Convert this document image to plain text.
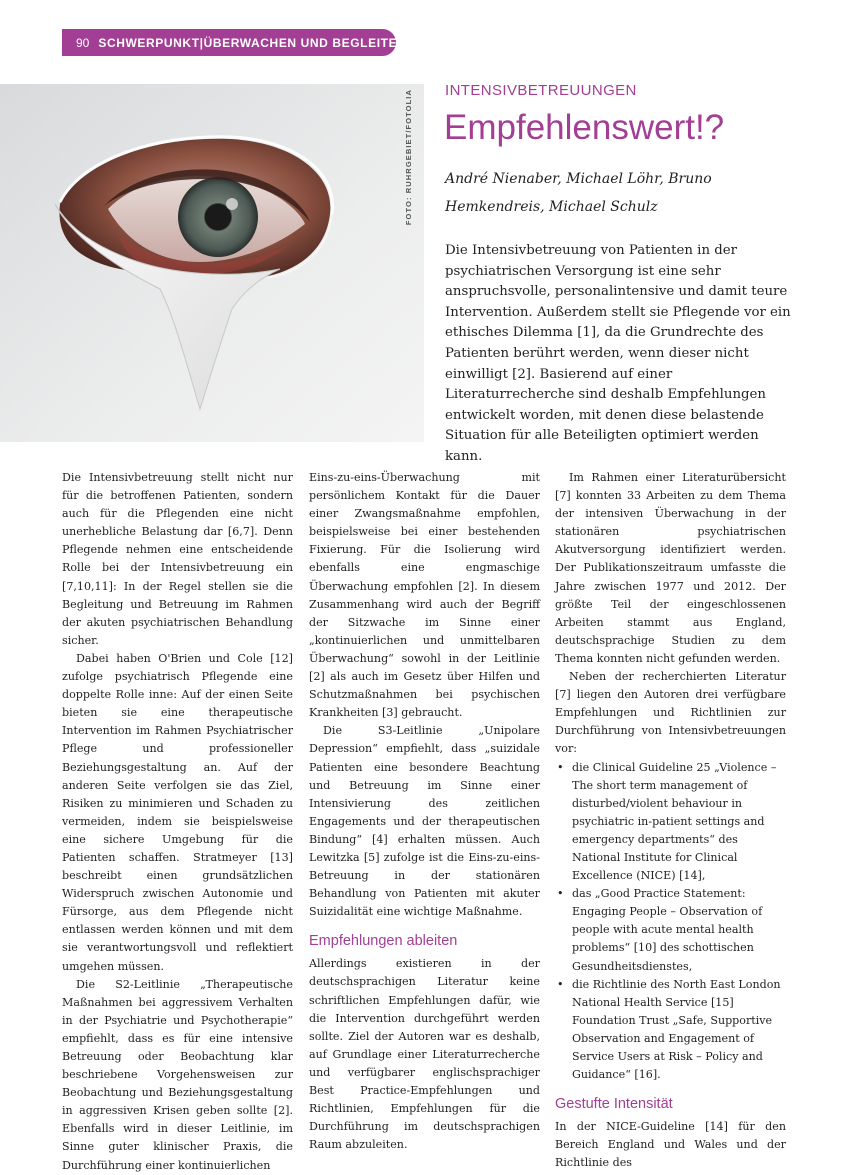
90 SCHWERPUNKT|ÜBERWACHEN UND BEGLEITEN
FOTO: RUHRGEBIET/FOTOLIA INTENSIVBETREUUNGEN
Empfehlenswert!?
André Nienaber, Michael Löhr, Bruno Hemkendreis, Michael Schulz
Die Intensivbetreuung von Patienten in der psychiatrischen Versorgung ist eine sehr anspruchsvolle, personalintensive und damit teure Intervention. Außerdem stellt sie Pflegende vor ein ethisches Dilemma [1], da die Grundrechte des Patienten berührt werden, wenn dieser nicht einwilligt [2]. Basierend auf einer Literaturrecherche sind deshalb Empfehlungen entwickelt worden, mit denen diese belastende Situation für alle Beteiligten optimiert werden kann.

Die Intensivbetreuung stellt nicht nur für die betroffenen Patienten, sondern auch für die Pflegenden eine nicht unerhebliche Belastung dar [6,7]. Denn Pflegende nehmen eine entscheidende Rolle bei der Intensivbetreuung ein [7,10,11]: In der Regel stellen sie die Begleitung und Betreuung im Rahmen der akuten psychiatrischen Behandlung sicher.

Dabei haben O'Brien und Cole [12] zufolge psychiatrisch Pflegende eine doppelte Rolle inne: Auf der einen Seite bieten sie eine therapeutische Intervention im Rahmen Psychiatrischer Pflege und professioneller Beziehungsgestaltung an. Auf der anderen Seite verfolgen sie das Ziel, Risiken zu minimieren und Schaden zu vermeiden, indem sie beispielsweise eine sichere Umgebung für die Patienten schaffen. Stratmeyer [13] beschreibt einen grundsätzlichen Widerspruch zwischen Autonomie und Fürsorge, aus dem Pflegende nicht entlassen werden können und mit dem sie verantwortungsvoll und reflektiert umgehen müssen.

Die S2-Leitlinie „Therapeutische Maßnahmen bei aggressivem Verhalten in der Psychiatrie und Psychotherapie“ empfiehlt, dass es für eine intensive Betreuung oder Beobachtung klar beschriebene Vorgehensweisen zur Beobachtung und Beziehungsgestaltung in aggressiven Krisen geben sollte [2]. Ebenfalls wird in dieser Leitlinie, im Sinne guter klinischer Praxis, die Durchführung einer kontinuierlichen

Eins-zu-eins-Überwachung mit persönlichem Kontakt für die Dauer einer Zwangsmaßnahme empfohlen, beispielsweise bei einer bestehenden Fixierung. Für die Isolierung wird ebenfalls eine engmaschige Überwachung empfohlen [2]. In diesem Zusammenhang wird auch der Begriff der Sitzwache im Sinne einer „kontinuierlichen und unmittelbaren Überwachung“ sowohl in der Leitlinie [2] als auch im Gesetz über Hilfen und Schutzmaßnahmen bei psychischen Krankheiten [3] gebraucht.

Die S3-Leitlinie „Unipolare Depression“ empfiehlt, dass „suizidale Patienten eine besondere Beachtung und Betreuung im Sinne einer Intensivierung des zeitlichen Engagements und der therapeutischen Bindung“ [4] erhalten müssen. Auch Lewitzka [5] zufolge ist die Eins-zu-eins-Betreuung in der stationären Behandlung von Patienten mit akuter Suizidalität eine wichtige Maßnahme.

Empfehlungen ableiten

Allerdings existieren in der deutschsprachigen Literatur keine schriftlichen Empfehlungen dafür, wie die Intervention durchgeführt werden sollte. Ziel der Autoren war es deshalb, auf Grundlage einer Literaturrecherche und verfügbarer englischsprachiger Best Practice-Empfehlungen und Richtlinien, Empfehlungen für die Durchführung im deutschsprachigen Raum abzuleiten.

Im Rahmen einer Literaturübersicht [7] konnten 33 Arbeiten zu dem Thema der intensiven Überwachung in der stationären psychiatrischen Akutversorgung identifiziert werden. Der Publikationszeitraum umfasste die Jahre zwischen 1977 und 2012. Der größte Teil der eingeschlossenen Arbeiten stammt aus England, deutschsprachige Studien zu dem Thema konnten nicht gefunden werden.

Neben der recherchierten Literatur [7] liegen den Autoren drei verfügbare Empfehlungen und Richtlinien zur Durchführung von Intensivbetreuungen vor:

• die Clinical Guideline 25 „Violence – The short term management of disturbed/violent behaviour in psychiatric in-patient settings and emergency departments“ des National Institute for Clinical Excellence (NICE) [14],
• das „Good Practice Statement: Engaging People – Observation of people with acute mental health problems“ [10] des schottischen Gesundheitsdienstes,
• die Richtlinie des North East London National Health Service [15] Foundation Trust „Safe, Supportive Observation and Engagement of Service Users at Risk – Policy and Guidance“ [16].
Gestufte Intensität

In der NICE-Guideline [14] für den Bereich England und Wales und der Richtlinie des
